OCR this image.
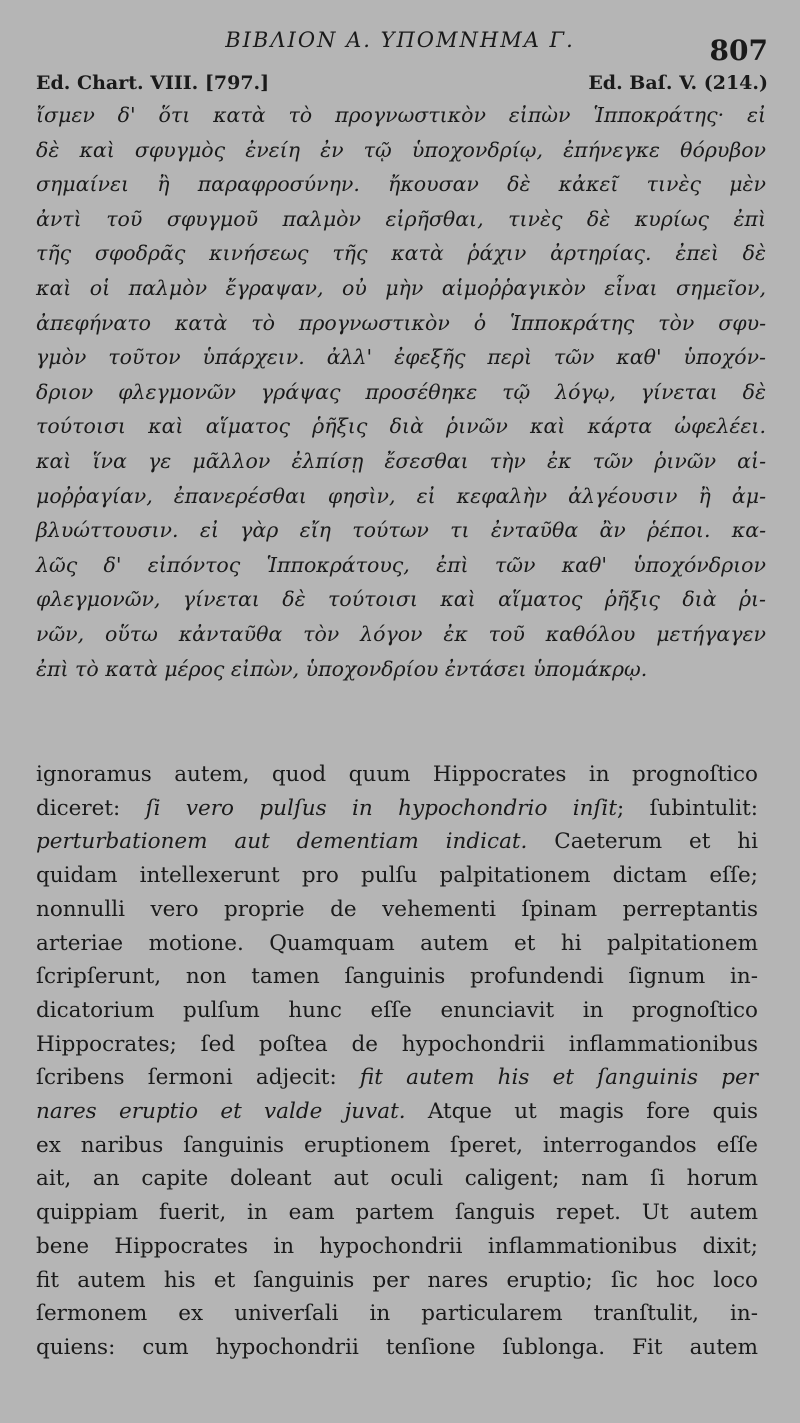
ΒΙΒΛΙΟΝ Α. ΥΠΟΜΝΗΜΑ Γ.	807
Ed. Chart. VIII. [797.]	Ed. Baſ. V. (214.)
ἴσμεν δ' ὅτι κατὰ τὸ προγνωστικὸν εἰπὼν Ἱπποκράτης· εἰ
δὲ καὶ σφυγμὸς ἐνείη ἐν τῷ ὑποχονδρίῳ, ἐπήνεγκε θόρυβον
σημαίνει ἢ παραφροσύνην. ἤκουσαν δὲ κἀκεῖ τινὲς μὲν
ἀντὶ τοῦ σφυγμοῦ παλμὸν εἰρῆσθαι, τινὲς δὲ κυρίως ἐπὶ
τῆς σφοδρᾶς κινήσεως τῆς κατὰ ῥάχιν ἀρτηρίας. ἐπεὶ δὲ
καὶ οἱ παλμὸν ἔγραψαν, οὐ μὴν αἱμοῤῥαγικὸν εἶναι σημεῖον,
ἀπεφήνατο κατὰ τὸ προγνωστικὸν ὁ Ἱπποκράτης τὸν σφυ-
γμὸν τοῦτον ὑπάρχειν. ἀλλ' ἐφεξῆς περὶ τῶν καθ' ὑποχόν-
δριον φλεγμονῶν γράψας προσέθηκε τῷ λόγῳ, γίνεται δὲ
τούτοισι καὶ αἵματος ῥῆξις διὰ ῥινῶν καὶ κάρτα ὠφελέει.
καὶ ἵνα γε μᾶλλον ἐλπίσῃ ἔσεσθαι τὴν ἐκ τῶν ῥινῶν αἱ-
μοῤῥαγίαν, ἐπανερέσθαι φησὶν, εἰ κεφαλὴν ἀλγέουσιν ἢ ἀμ-
βλυώττουσιν. εἰ γὰρ εἴη τούτων τι ἐνταῦθα ἂν ῥέποι. κα-
λῶς δ' εἰπόντος Ἱπποκράτους, ἐπὶ τῶν καθ' ὑποχόνδριον
φλεγμονῶν, γίνεται δὲ τούτοισι καὶ αἵματος ῥῆξις διὰ ῥι-
νῶν, οὕτω κἀνταῦθα τὸν λόγον ἐκ τοῦ καθόλου μετήγαγεν
ἐπὶ τὸ κατὰ μέρος εἰπὼν, ὑποχονδρίου ἐντάσει ὑπομάκρῳ.
ignoramus autem, quod quum Hippocrates in prognoſtico
diceret: ſi vero pulſus in hypochondrio inſit; ſubintulit:
perturbationem aut dementiam indicat. Caeterum et hi
quidam intellexerunt pro pulſu palpitationem dictam eſſe;
nonnulli vero proprie de vehementi ſpinam perreptantis
arteriae motione. Quamquam autem et hi palpitationem
ſcripſerunt, non tamen ſanguinis profundendi ſignum in-
dicatorium pulſum hunc eſſe enunciavit in prognoſtico
Hippocrates; ſed poſtea de hypochondrii inflammationibus
ſcribens ſermoni adjecit: fit autem his et ſanguinis per
nares eruptio et valde juvat. Atque ut magis fore quis
ex naribus ſanguinis eruptionem ſperet, interrogandos eſſe
ait, an capite doleant aut oculi caligent; nam ſi horum
quippiam fuerit, in eam partem ſanguis repet. Ut autem
bene Hippocrates in hypochondrii inflammationibus dixit;
fit autem his et ſanguinis per nares eruptio; ſic hoc loco
ſermonem ex univerſali in particularem tranſtulit, in-
quiens: cum hypochondrii tenſione ſublonga. Fit autem
